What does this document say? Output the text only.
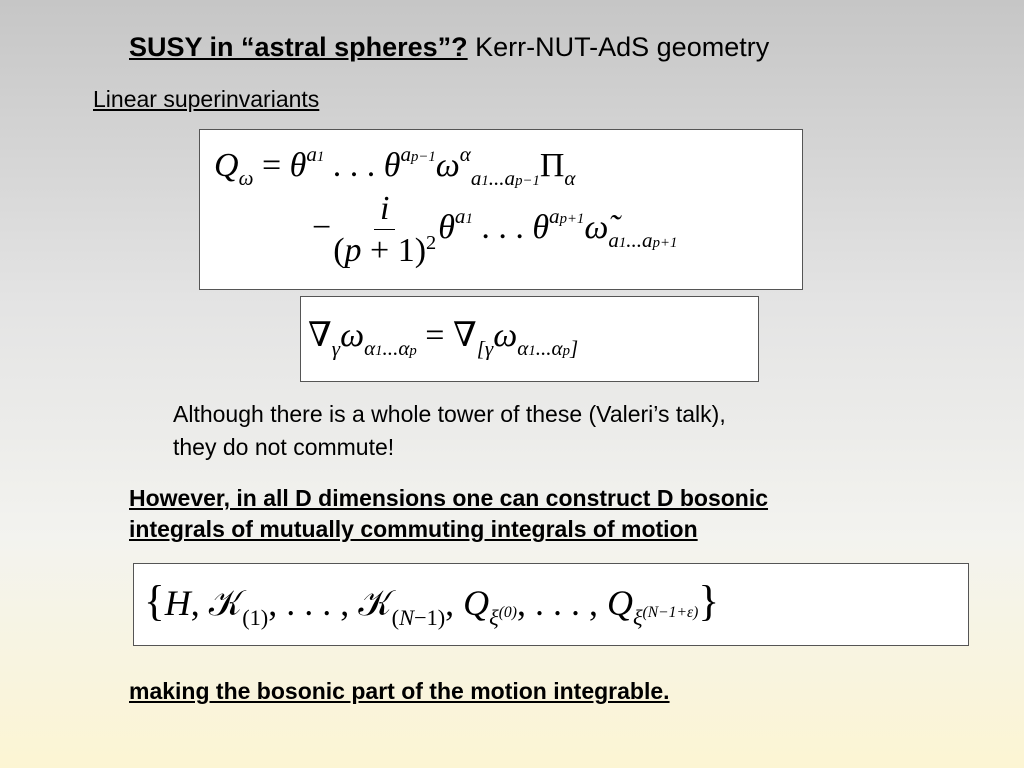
SUSY in “astral spheres”? Kerr-NUT-AdS geometry
Linear superinvariants
$Q_\omega = \theta^{a1}$ . . . $\theta^{ap-1}\omega^\alpha_{a1...ap-1}\Pi_\alpha$
− $\frac{i}{(p + 1)^2} \theta^{a1}$ . . . $\theta^{ap+1}\omegã_{a1...ap+1}$
$\nabla_\gamma\omega_{\alpha 1...\alpha p} = \nabla_{[\gamma}\omega_{\alpha 1...\alpha p]}$
Although there is a whole tower of these (Valeri’s talk),
they do not commute!
However, in all D dimensions one can construct D bosonic
integrals of mutually commuting integrals of motion
{H, 𝒦$_{(1)}$, . . . , 𝒦$_{(N-1)}$, $Q_{\xi^{(0)}}$, . . . , $Q_{\xi^{(N-1+\varepsilon)}}$}
making the bosonic part of the motion integrable.
